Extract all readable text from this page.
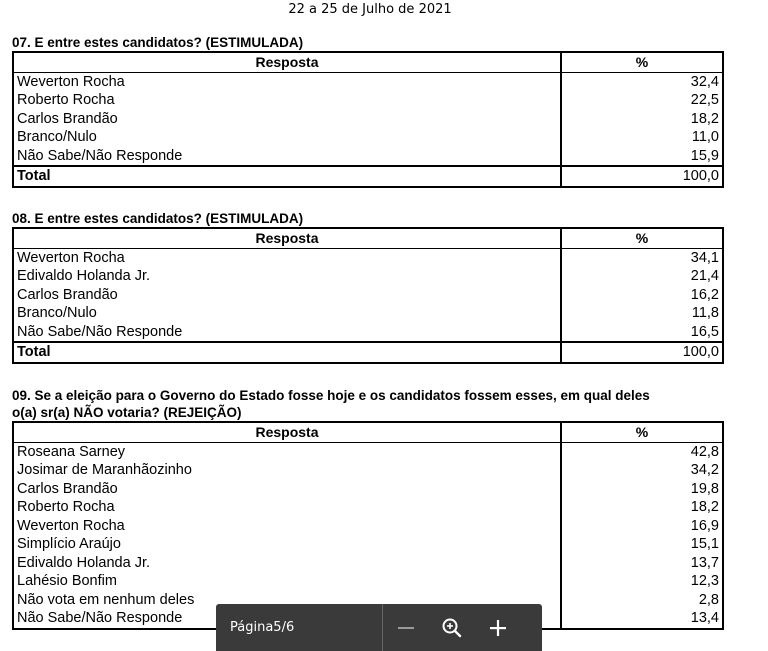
22 a 25 de Julho de 2021
07. E entre estes candidatos? (ESTIMULADA)
Resposta	%
Weverton Rocha	32,4
Roberto Rocha	22,5
Carlos Brandão	18,2
Branco/Nulo	11,0
Não Sabe/Não Responde	15,9
Total	100,0
08. E entre estes candidatos? (ESTIMULADA)
Resposta	%
Weverton Rocha	34,1
Edivaldo Holanda Jr.	21,4
Carlos Brandão	16,2
Branco/Nulo	11,8
Não Sabe/Não Responde	16,5
Total	100,0
09. Se a eleição para o Governo do Estado fosse hoje e os candidatos fossem esses, em qual deles
o(a) sr(a) NÃO votaria? (REJEIÇÃO)
Resposta	%
Roseana Sarney	42,8
Josimar de Maranhãozinho	34,2
Carlos Brandão	19,8
Roberto Rocha	18,2
Weverton Rocha	16,9
Simplício Araújo	15,1
Edivaldo Holanda Jr.	13,7
Lahésio Bonfim	12,3
Não vota em nenhum deles	2,8
Não Sabe/Não Responde	13,4
Página 5 / 6
